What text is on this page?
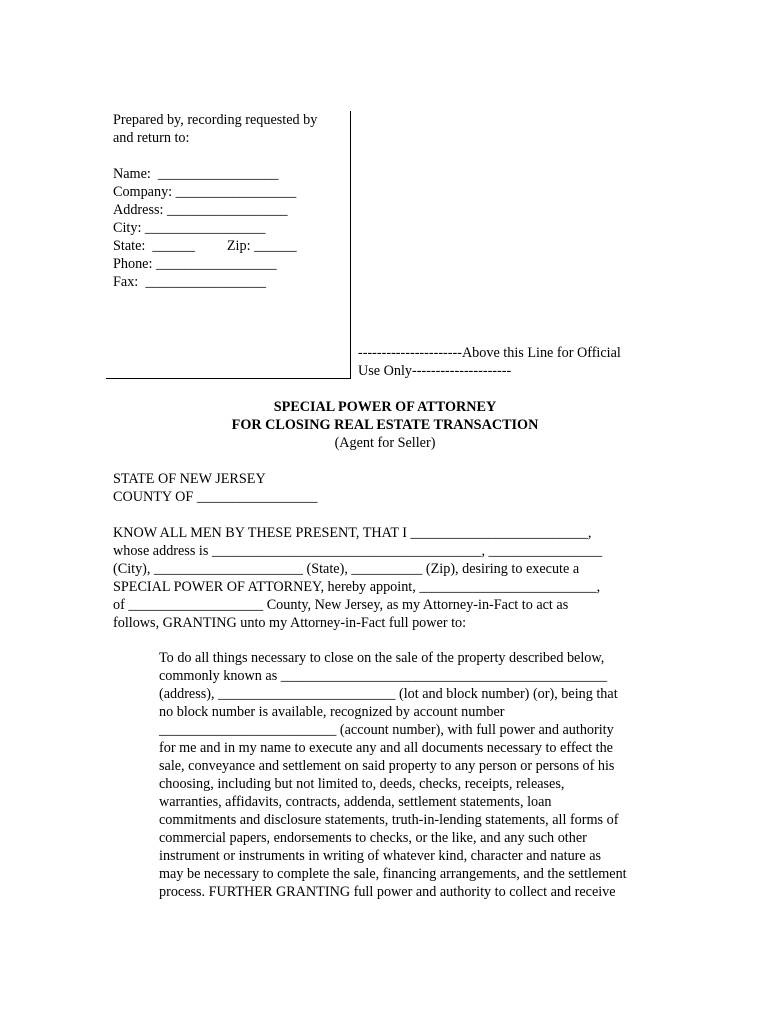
Prepared by, recording requested by
and return to:
Name:  _________________
Company: _________________
Address: _________________
City: _________________
State:  ______         Zip: ______
Phone: _________________
Fax:  _________________
----------------------Above this Line for Official
Use Only---------------------
SPECIAL POWER OF ATTORNEY
FOR CLOSING REAL ESTATE TRANSACTION
(Agent for Seller)
STATE OF NEW JERSEY
COUNTY OF _________________
KNOW ALL MEN BY THESE PRESENT, THAT I _________________________,
whose address is ______________________________________, ________________
(City), _____________________ (State), __________ (Zip), desiring to execute a
SPECIAL POWER OF ATTORNEY, hereby appoint, _________________________,
of ___________________ County, New Jersey, as my Attorney-in-Fact to act as
follows, GRANTING unto my Attorney-in-Fact full power to:
To do all things necessary to close on the sale of the property described below,
commonly known as ______________________________________________
(address), _________________________ (lot and block number) (or), being that
no block number is available, recognized by account number
_________________________ (account number), with full power and authority
for me and in my name to execute any and all documents necessary to effect the
sale, conveyance and settlement on said property to any person or persons of his
choosing, including but not limited to, deeds, checks, receipts, releases,
warranties, affidavits, contracts, addenda, settlement statements, loan
commitments and disclosure statements, truth-in-lending statements, all forms of
commercial papers, endorsements to checks, or the like, and any such other
instrument or instruments in writing of whatever kind, character and nature as
may be necessary to complete the sale, financing arrangements, and the settlement
process. FURTHER GRANTING full power and authority to collect and receive
